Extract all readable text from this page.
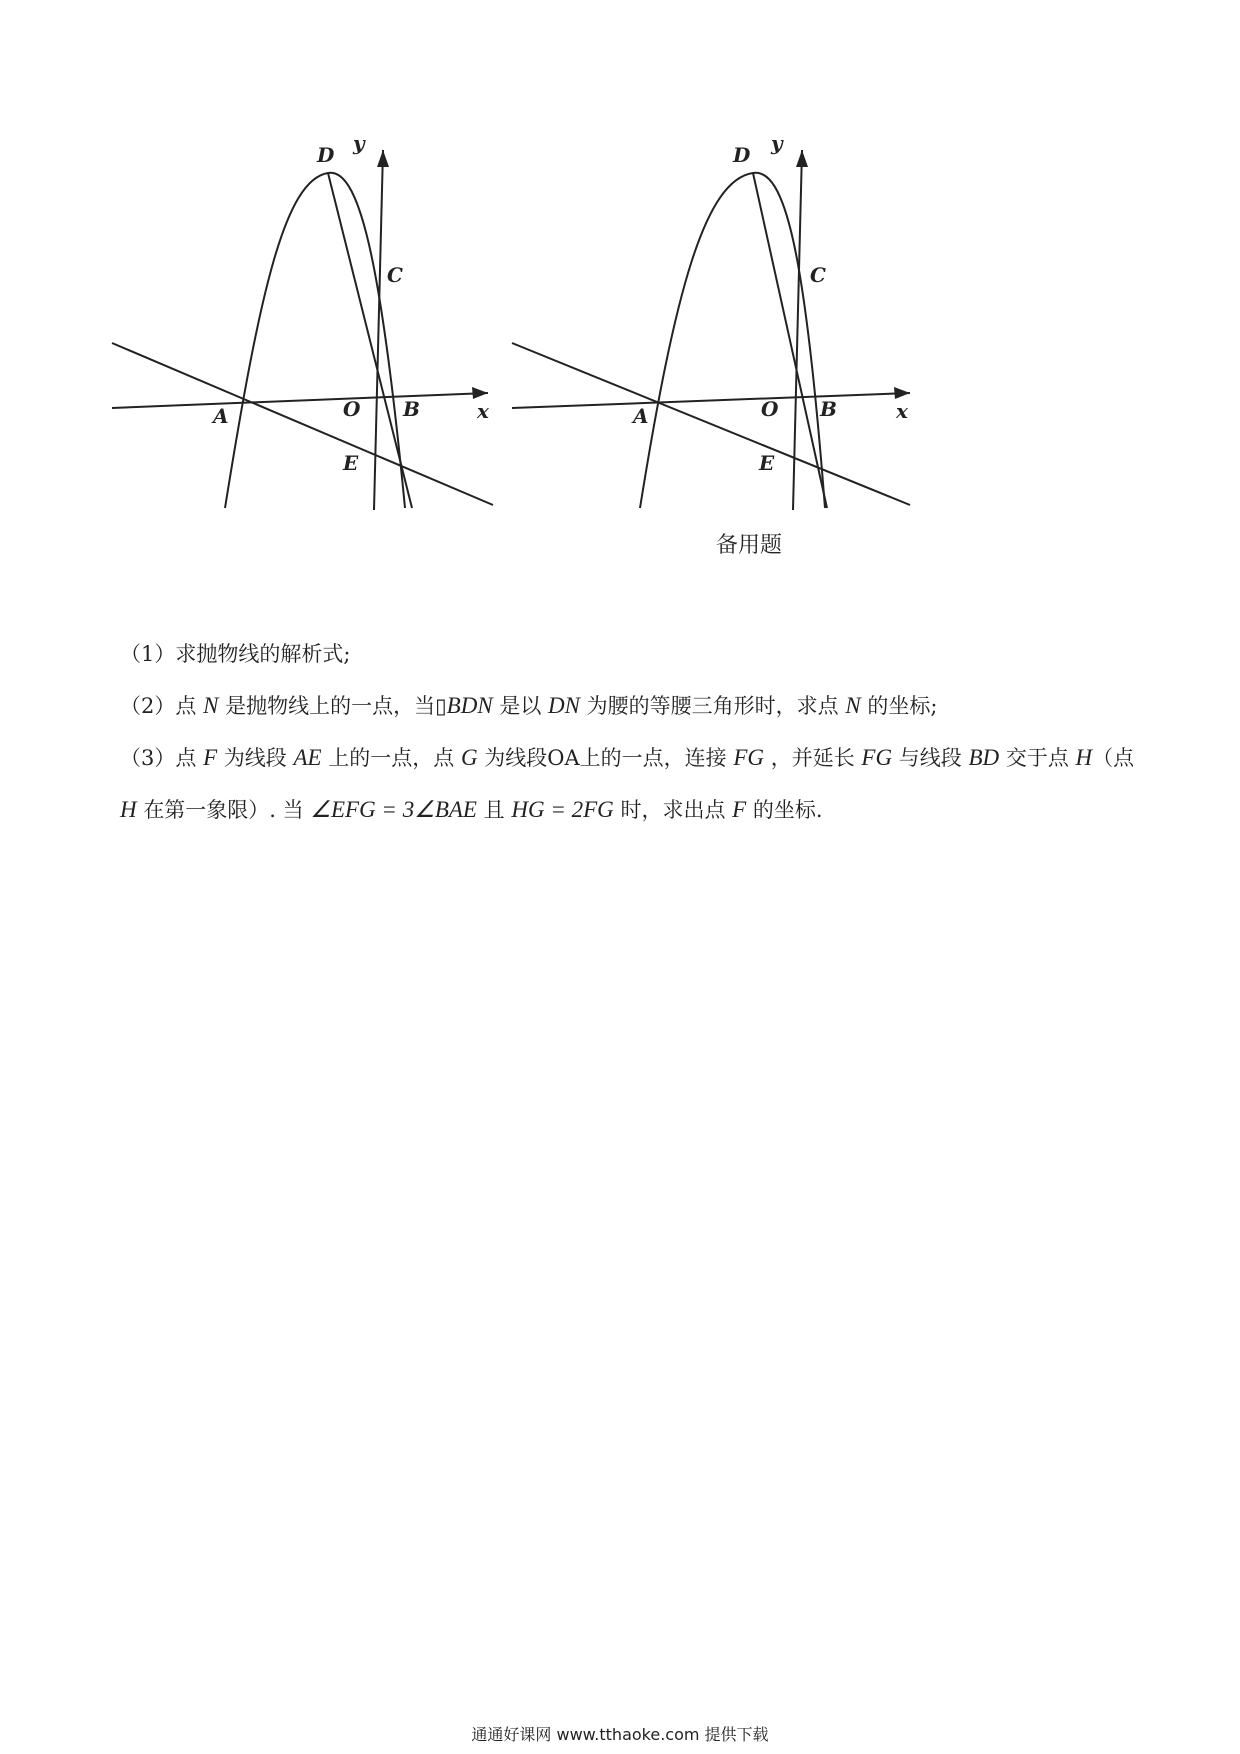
D y
C
A	O B	x
E
D y
C
A	O B	x
E
备用题
（1）求抛物线的解析式;
（2）点 N 是抛物线上的一点，当▯BDN 是以 DN 为腰的等腰三角形时，求点 N 的坐标;
（3）点 F 为线段 AE 上的一点，点 G 为线段OA上的一点，连接 FG ，并延长 FG 与线段 BD 交于点 H（点
H 在第一象限）. 当 ∠EFG = 3∠BAE 且 HG = 2FG 时，求出点 F 的坐标.
通通好课网 www.tthaoke.com 提供下载
